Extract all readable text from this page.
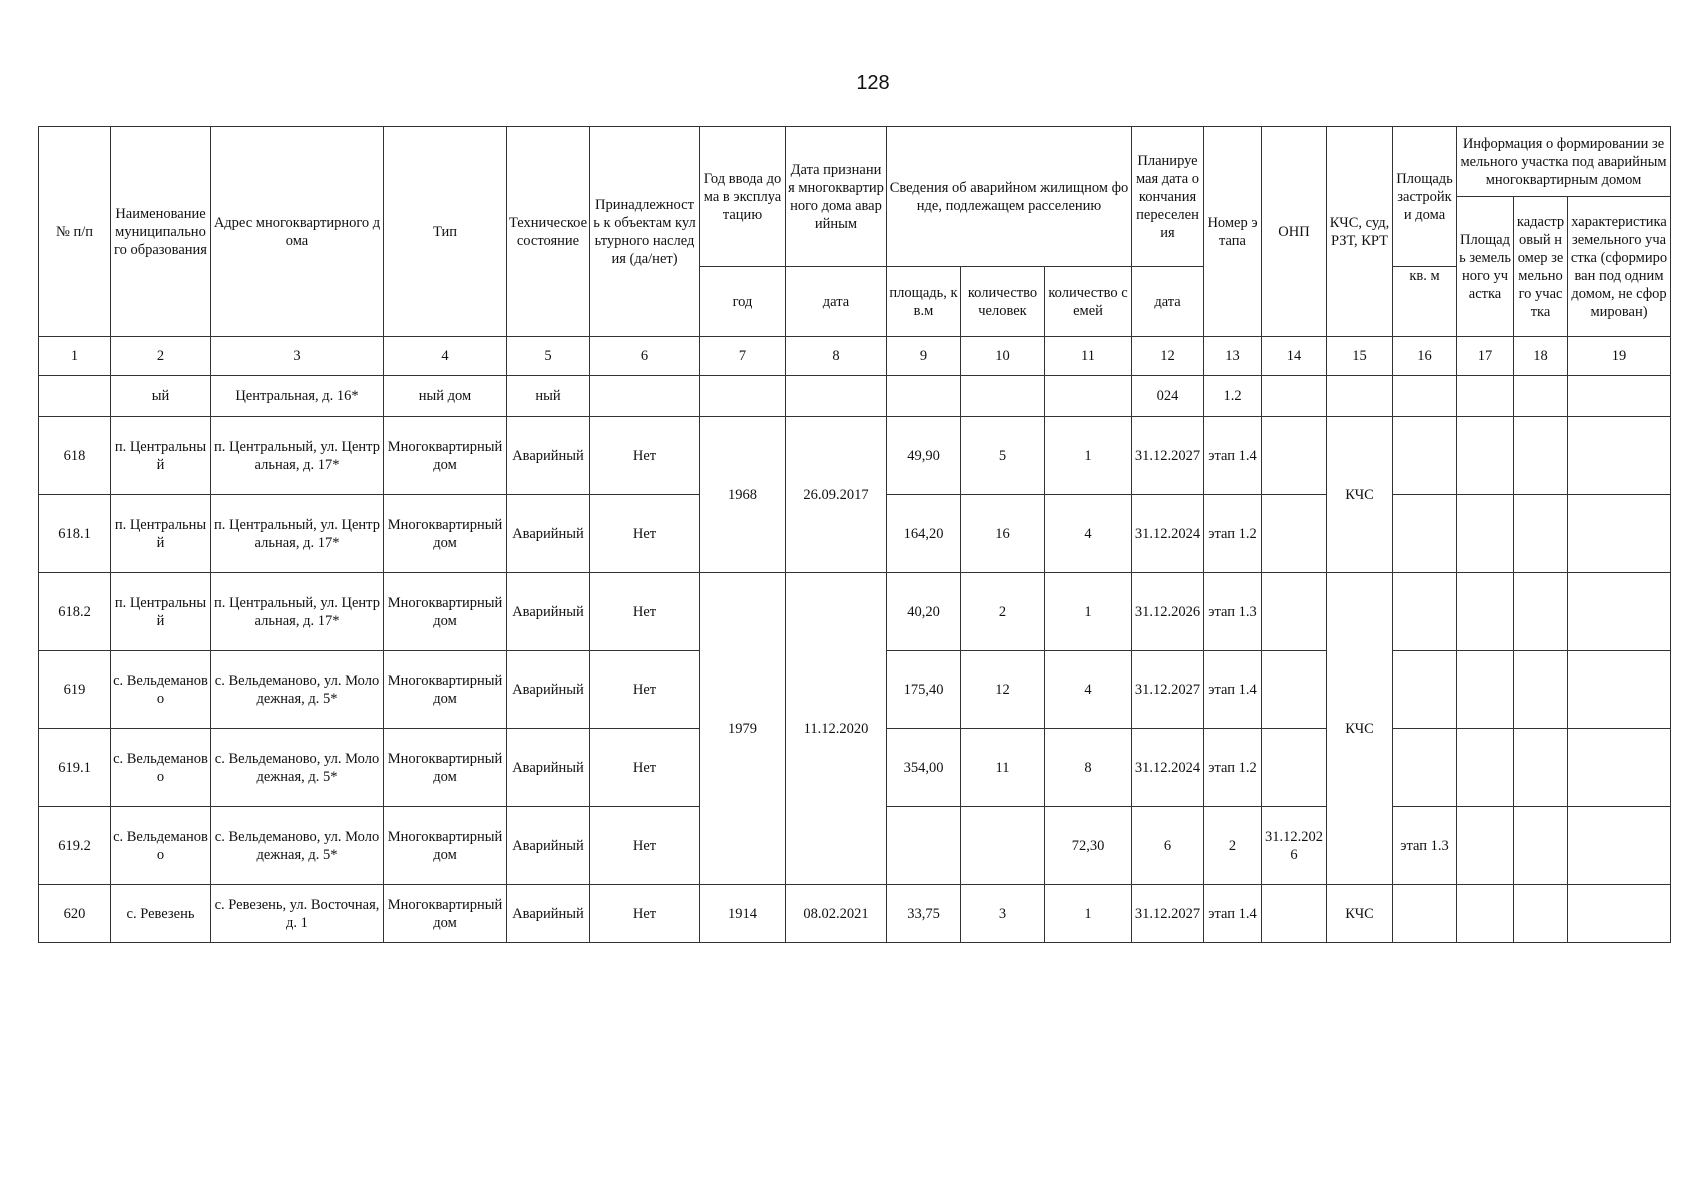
128
№ п/п	Наименование муниципального образования	Адрес многоквартирного дома	Тип	Техническое состояние	Принадлежность к объектам культурного наследия (да/нет)	Год ввода дома в эксплуатацию	Дата признания многоквартирного дома аварийным	Сведения об аварийном жилищном фонде, подлежащем расселению			Планируемая дата окончания переселения	Номер этапа	ОНП	КЧС, суд, РЗТ, КРТ	Площадь застройки дома	Информация о формировании земельного участка под аварийным многоквартирным домом			

																Площадь земельного участка	кадастровый номер земельного участка	характеристика земельного участка (сформирован под одним домом, не сформирован)	

						год	дата	площадь, кв.м	количество человек	количество семей	дата				кв. м				

1	2	3	4	5	6	7	8	9	10	11	12	13	14	15	16	17	18	19	
	ый	Центральная, д. 16*	ный дом	ный							024	1.2							
618	п. Центральный	п. Центральный, ул. Центральная, д. 17*	Многоквартирный дом	Аварийный	Нет	1968	26.09.2017	49,90	5	1	31.12.2027	этап 1.4		КЧС					
618.1	п. Центральный	п. Центральный, ул. Центральная, д. 17*	Многоквартирный дом	Аварийный	Нет			164,20	16	4	31.12.2024	этап 1.2							
618.2	п. Центральный	п. Центральный, ул. Центральная, д. 17*	Многоквартирный дом	Аварийный	Нет	1979	11.12.2020	40,20	2	1	31.12.2026	этап 1.3		КЧС					
619	с. Вельдеманово	с. Вельдеманово, ул. Молодежная, д. 5*	Многоквартирный дом	Аварийный	Нет			175,40	12	4	31.12.2027	этап 1.4							
619.1	с. Вельдеманово	с. Вельдеманово, ул. Молодежная, д. 5*	Многоквартирный дом	Аварийный	Нет			354,00	11	8	31.12.2024	этап 1.2							
619.2	с. Вельдеманово	с. Вельдеманово, ул. Молодежная, д. 5*	Многоквартирный дом	Аварийный	Нет					72,30	6	2	31.12.2026		этап 1.3						
620	с. Ревезень	с. Ревезень, ул. Восточная, д. 1	Многоквартирный дом	Аварийный	Нет	1914	08.02.2021	33,75	3	1	31.12.2027	этап 1.4		КЧС					
